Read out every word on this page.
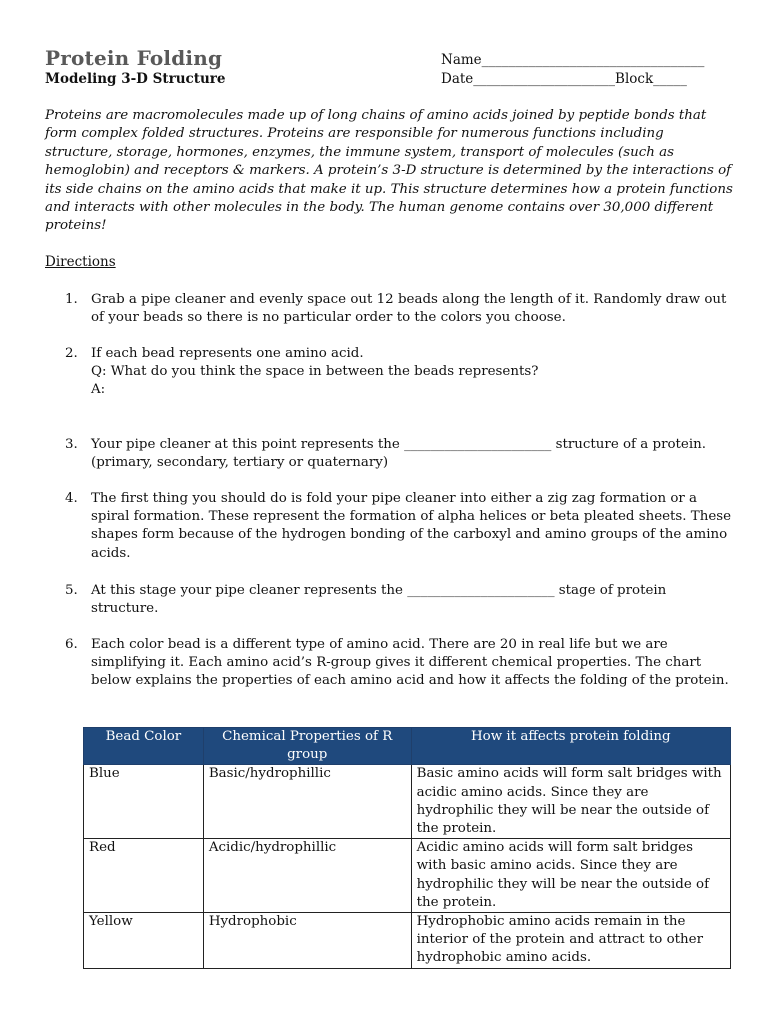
Protein Folding
Modeling 3-D Structure
Name_________________________________
Date_____________________Block_____
Proteins are macromolecules made up of long chains of amino acids joined by peptide bonds that form complex folded structures. Proteins are responsible for numerous functions including structure, storage, hormones, enzymes, the immune system, transport of molecules (such as hemoglobin) and receptors & markers. A protein’s 3-D structure is determined by the interactions of its side chains on the amino acids that make it up. This structure determines how a protein functions and interacts with other molecules in the body. The human genome contains over 30,000 different proteins!
Directions
1. Grab a pipe cleaner and evenly space out 12 beads along the length of it. Randomly draw out of your beads so there is no particular order to the colors you choose.
2. If each bead represents one amino acid.
Q: What do you think the space in between the beads represents?
A:
3. Your pipe cleaner at this point represents the ______________________ structure of a protein. (primary, secondary, tertiary or quaternary)
4. The first thing you should do is fold your pipe cleaner into either a zig zag formation or a spiral formation. These represent the formation of alpha helices or beta pleated sheets. These shapes form because of the hydrogen bonding of the carboxyl and amino groups of the amino acids.
5. At this stage your pipe cleaner represents the ______________________ stage of protein structure.
6. Each color bead is a different type of amino acid. There are 20 in real life but we are simplifying it. Each amino acid’s R-group gives it different chemical properties. The chart below explains the properties of each amino acid and how it affects the folding of the protein.
Bead Color	Chemical Properties of R group	How it affects protein folding
Blue	Basic/hydrophillic	Basic amino acids will form salt bridges with acidic amino acids. Since they are hydrophilic they will be near the outside of the protein.
Red	Acidic/hydrophillic	Acidic amino acids will form salt bridges with basic amino acids. Since they are hydrophilic they will be near the outside of the protein.
Yellow	Hydrophobic	Hydrophobic amino acids remain in the interior of the protein and attract to other hydrophobic amino acids.
